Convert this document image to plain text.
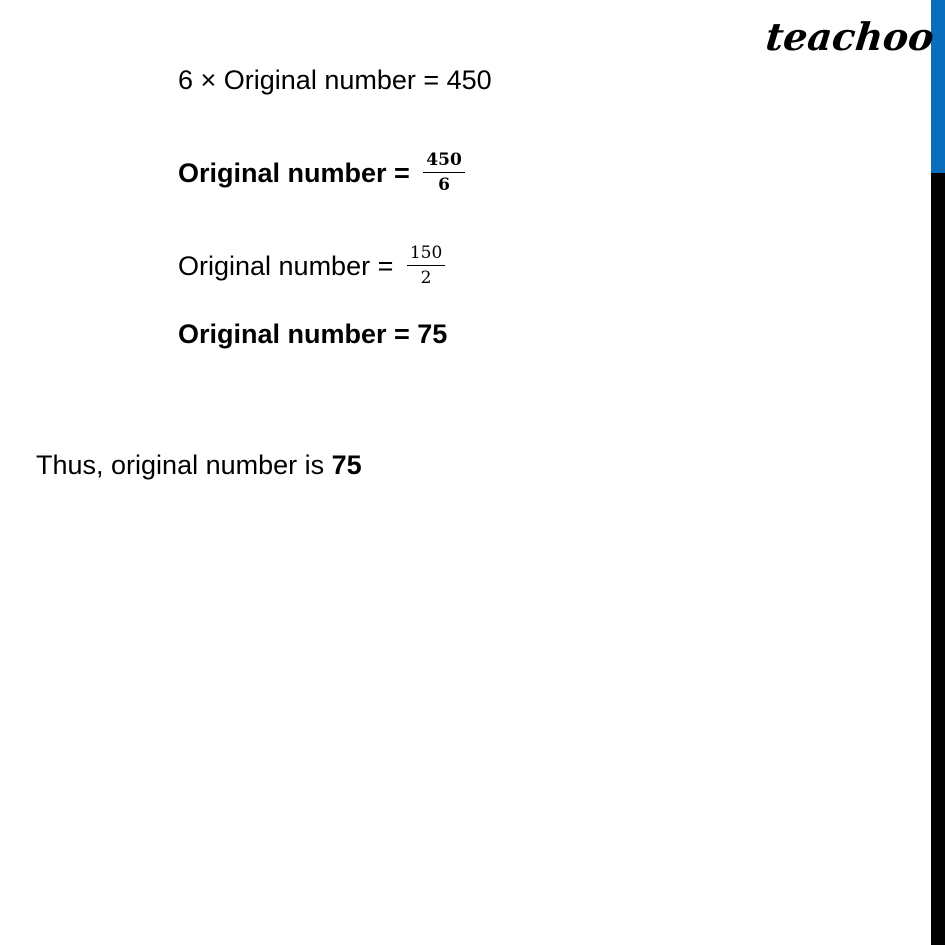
teachoo
6 × Original number = 450
Original number = $\frac{450}{6}$
Original number = $\frac{150}{2}$
Original number = 75
Thus, original number is 75
